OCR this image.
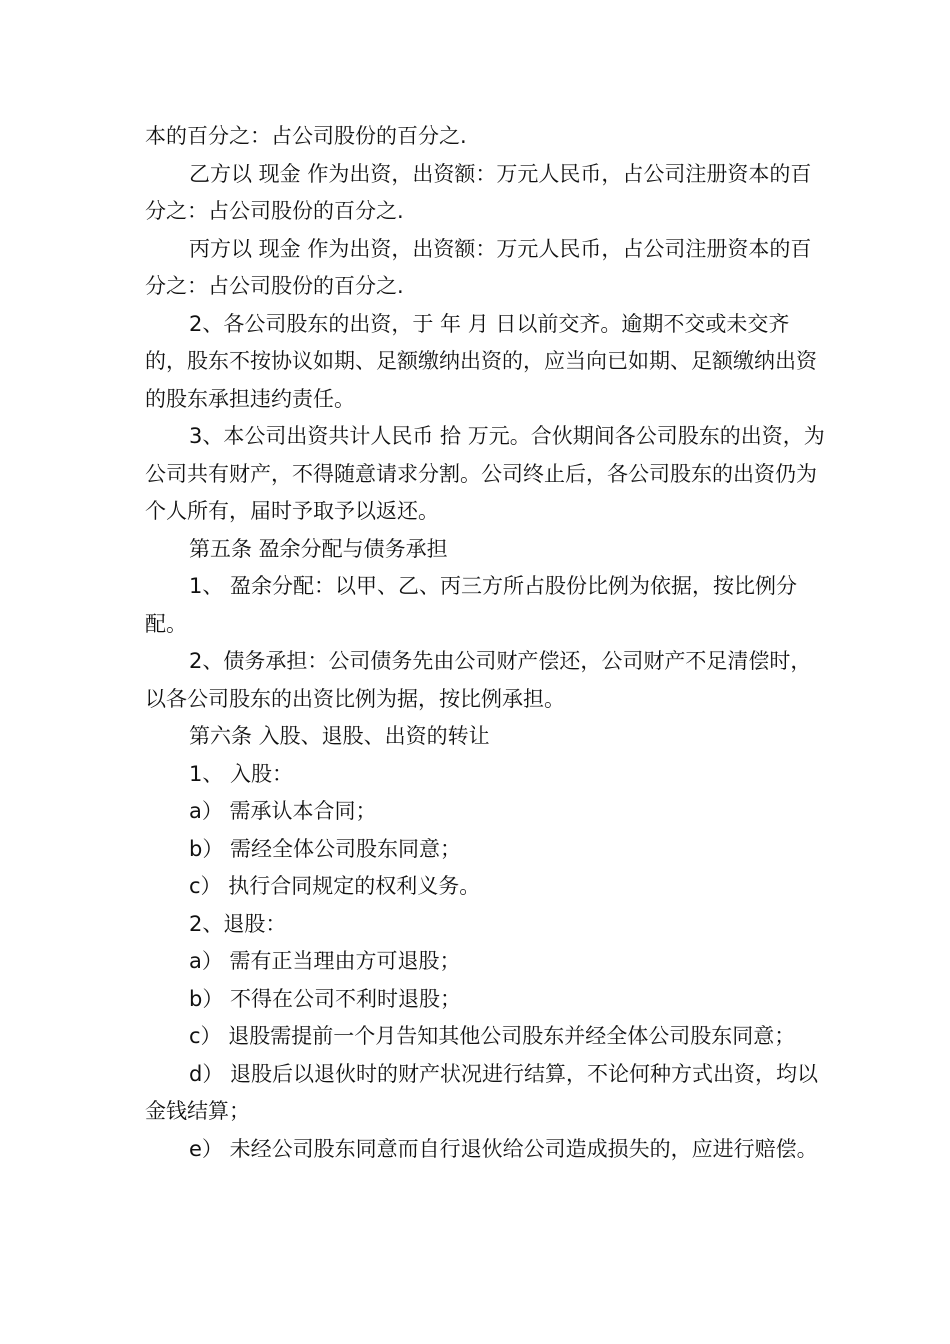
本的百分之：占公司股份的百分之.

乙方以 现金 作为出资，出资额：万元人民币，占公司注册资本的百分之：占公司股份的百分之.

丙方以 现金 作为出资，出资额：万元人民币，占公司注册资本的百分之：占公司股份的百分之.

2、各公司股东的出资，于 年 月 日以前交齐。逾期不交或未交齐的，股东不按协议如期、足额缴纳出资的，应当向已如期、足额缴纳出资的股东承担违约责任。

3、本公司出资共计人民币 拾 万元。合伙期间各公司股东的出资，为公司共有财产，不得随意请求分割。公司终止后，各公司股东的出资仍为个人所有，届时予取予以返还。

第五条 盈余分配与债务承担

1、 盈余分配：以甲、乙、丙三方所占股份比例为依据，按比例分配。

2、债务承担：公司债务先由公司财产偿还，公司财产不足清偿时，以各公司股东的出资比例为据，按比例承担。

第六条 入股、退股、出资的转让

1、 入股：

a） 需承认本合同；

b） 需经全体公司股东同意；

c） 执行合同规定的权利义务。

2、退股：

a） 需有正当理由方可退股；

b） 不得在公司不利时退股；

c） 退股需提前一个月告知其他公司股东并经全体公司股东同意；

d） 退股后以退伙时的财产状况进行结算，不论何种方式出资，均以金钱结算；

e） 未经公司股东同意而自行退伙给公司造成损失的，应进行赔偿。
